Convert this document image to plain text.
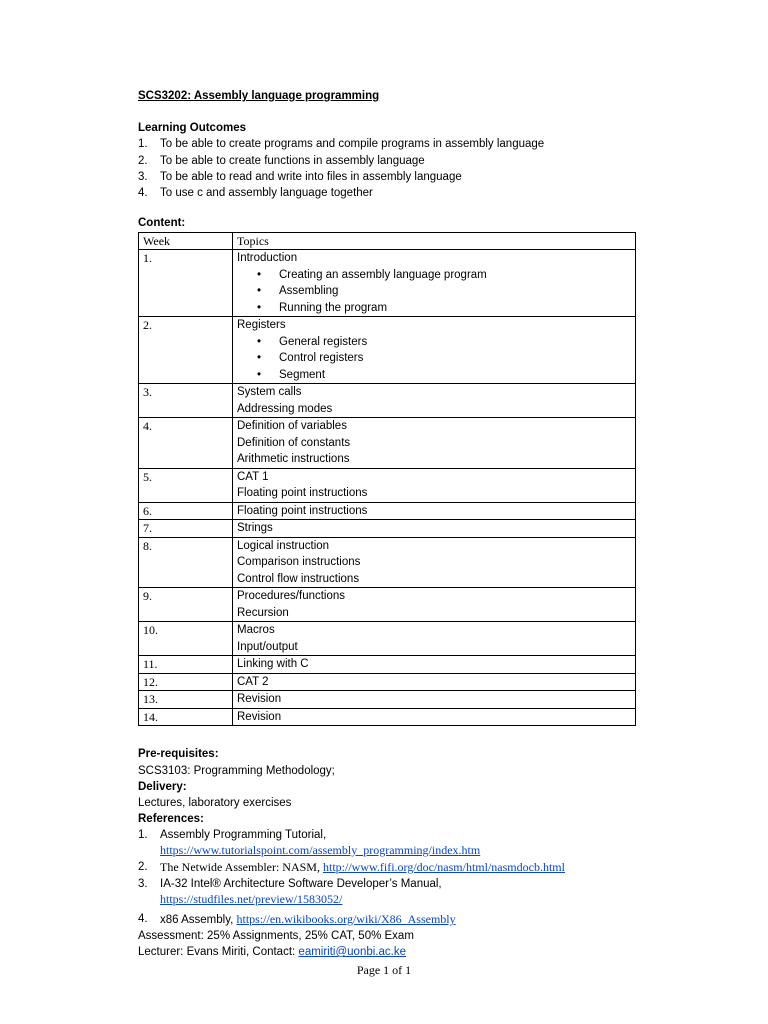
SCS3202: Assembly language programming

Learning Outcomes
1. To be able to create programs and compile programs in assembly language
2. To be able to create functions in assembly language
3. To be able to read and write into files in assembly language
4. To use c and assembly language together
Content:
Week	Topics
1.	Introduction
• Creating an assembly language program
• Assembling
• Running the program

2.	Registers
• General registers
• Control registers
• Segment

3.	System calls
Addressing modes

4.	Definition of variables
Definition of constants
Arithmetic instructions

5.	CAT 1
Floating point instructions

6.	Floating point instructions

7.	Strings

8.	Logical instruction
Comparison instructions
Control flow instructions

9.	Procedures/functions
Recursion

10.	Macros
Input/output

11.	Linking with C

12.	CAT 2

13.	Revision

14.	Revision
Pre-requisites:
SCS3103: Programming Methodology;
Delivery:
Lectures, laboratory exercises
References:
1. Assembly Programming Tutorial,
https://www.tutorialspoint.com/assembly_programming/index.htm
2. The Netwide Assembler: NASM, http://www.fifi.org/doc/nasm/html/nasmdocb.html
3. IA-32 Intel® Architecture Software Developer’s Manual,
https://studfiles.net/preview/1583052/
4. x86 Assembly, https://en.wikibooks.org/wiki/X86_Assembly
Assessment: 25% Assignments, 25% CAT, 50% Exam
Lecturer: Evans Miriti, Contact: eamiriti@uonbi.ac.ke
Page 1 of 1
